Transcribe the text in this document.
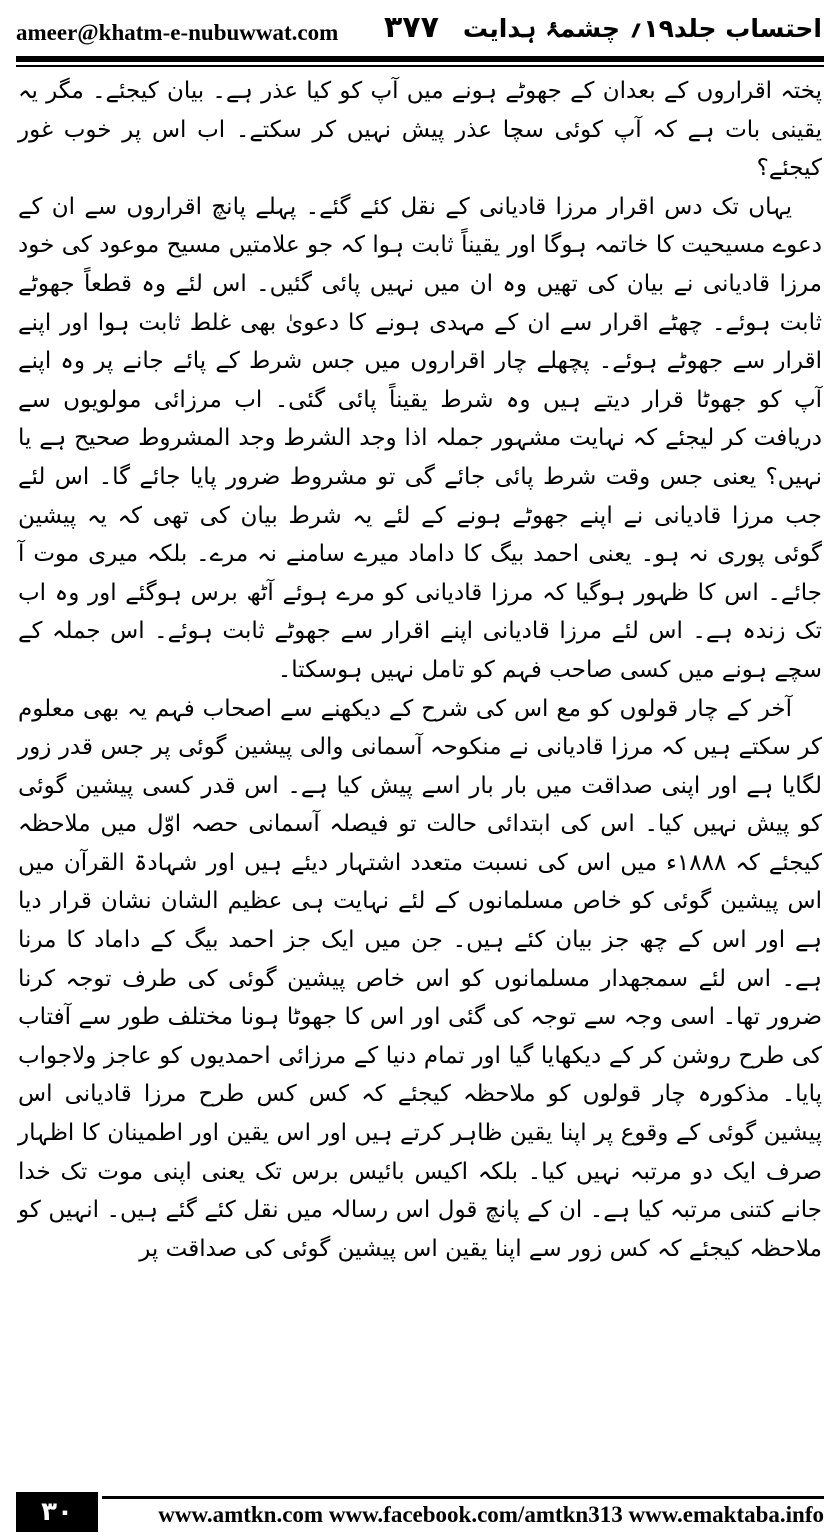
ameer@khatm-e-nubuwwat.com ٣٧٧ احتساب جلد۱۹؍ چشمۂ ہدایت

پختہ اقراروں کے بعدان کے جھوٹے ہونے میں آپ کو کیا عذر ہے۔ بیان کیجئے۔ مگر یہ یقینی بات ہے کہ آپ کوئی سچا عذر پیش نہیں کر سکتے۔ اب اس پر خوب غور کیجئے؟

یہاں تک دس اقرار مرزا قادیانی کے نقل کئے گئے۔ پہلے پانچ اقراروں سے ان کے دعوے مسیحیت کا خاتمہ ہوگا اور یقیناً ثابت ہوا کہ جو علامتیں مسیح موعود کی خود مرزا قادیانی نے بیان کی تھیں وہ ان میں نہیں پائی گئیں۔ اس لئے وہ قطعاً جھوٹے ثابت ہوئے۔ چھٹے اقرار سے ان کے مہدی ہونے کا دعویٰ بھی غلط ثابت ہوا اور اپنے اقرار سے جھوٹے ہوئے۔ پچھلے چار اقراروں میں جس شرط کے پائے جانے پر وہ اپنے آپ کو جھوٹا قرار دیتے ہیں وہ شرط یقیناً پائی گئی۔ اب مرزائی مولویوں سے دریافت کر لیجئے کہ نہایت مشہور جملہ اذا وجد الشرط وجد المشروط صحیح ہے یا نہیں؟ یعنی جس وقت شرط پائی جائے گی تو مشروط ضرور پایا جائے گا۔ اس لئے جب مرزا قادیانی نے اپنے جھوٹے ہونے کے لئے یہ شرط بیان کی تھی کہ یہ پیشین گوئی پوری نہ ہو۔ یعنی احمد بیگ کا داماد میرے سامنے نہ مرے۔ بلکہ میری موت آ جائے۔ اس کا ظہور ہوگیا کہ مرزا قادیانی کو مرے ہوئے آٹھ برس ہوگئے اور وہ اب تک زندہ ہے۔ اس لئے مرزا قادیانی اپنے اقرار سے جھوٹے ثابت ہوئے۔ اس جملہ کے سچے ہونے میں کسی صاحب فہم کو تامل نہیں ہوسکتا۔

آخر کے چار قولوں کو مع اس کی شرح کے دیکھنے سے اصحاب فہم یہ بھی معلوم کر سکتے ہیں کہ مرزا قادیانی نے منکوحہ آسمانی والی پیشین گوئی پر جس قدر زور لگایا ہے اور اپنی صداقت میں بار بار اسے پیش کیا ہے۔ اس قدر کسی پیشین گوئی کو پیش نہیں کیا۔ اس کی ابتدائی حالت تو فیصلہ آسمانی حصہ اوّل میں ملاحظہ کیجئے کہ ۱۸۸۸ء میں اس کی نسبت متعدد اشتہار دیئے ہیں اور شہادۃ القرآن میں اس پیشین گوئی کو خاص مسلمانوں کے لئے نہایت ہی عظیم الشان نشان قرار دیا ہے اور اس کے چھ جز بیان کئے ہیں۔ جن میں ایک جز احمد بیگ کے داماد کا مرنا ہے۔ اس لئے سمجھدار مسلمانوں کو اس خاص پیشین گوئی کی طرف توجہ کرنا ضرور تھا۔ اسی وجہ سے توجہ کی گئی اور اس کا جھوٹا ہونا مختلف طور سے آفتاب کی طرح روشن کر کے دیکھایا گیا اور تمام دنیا کے مرزائی احمدیوں کو عاجز ولاجواب پایا۔ مذکورہ چار قولوں کو ملاحظہ کیجئے کہ کس کس طرح مرزا قادیانی اس پیشین گوئی کے وقوع پر اپنا یقین ظاہر کرتے ہیں اور اس یقین اور اطمینان کا اظہار صرف ایک دو مرتبہ نہیں کیا۔ بلکہ اکیس بائیس برس تک یعنی اپنی موت تک خدا جانے کتنی مرتبہ کیا ہے۔ ان کے پانچ قول اس رسالہ میں نقل کئے گئے ہیں۔ انہیں کو ملاحظہ کیجئے کہ کس زور سے اپنا یقین اس پیشین گوئی کی صداقت پر

٣٠	www.amtkn.com www.facebook.com/amtkn313 www.emaktaba.info
